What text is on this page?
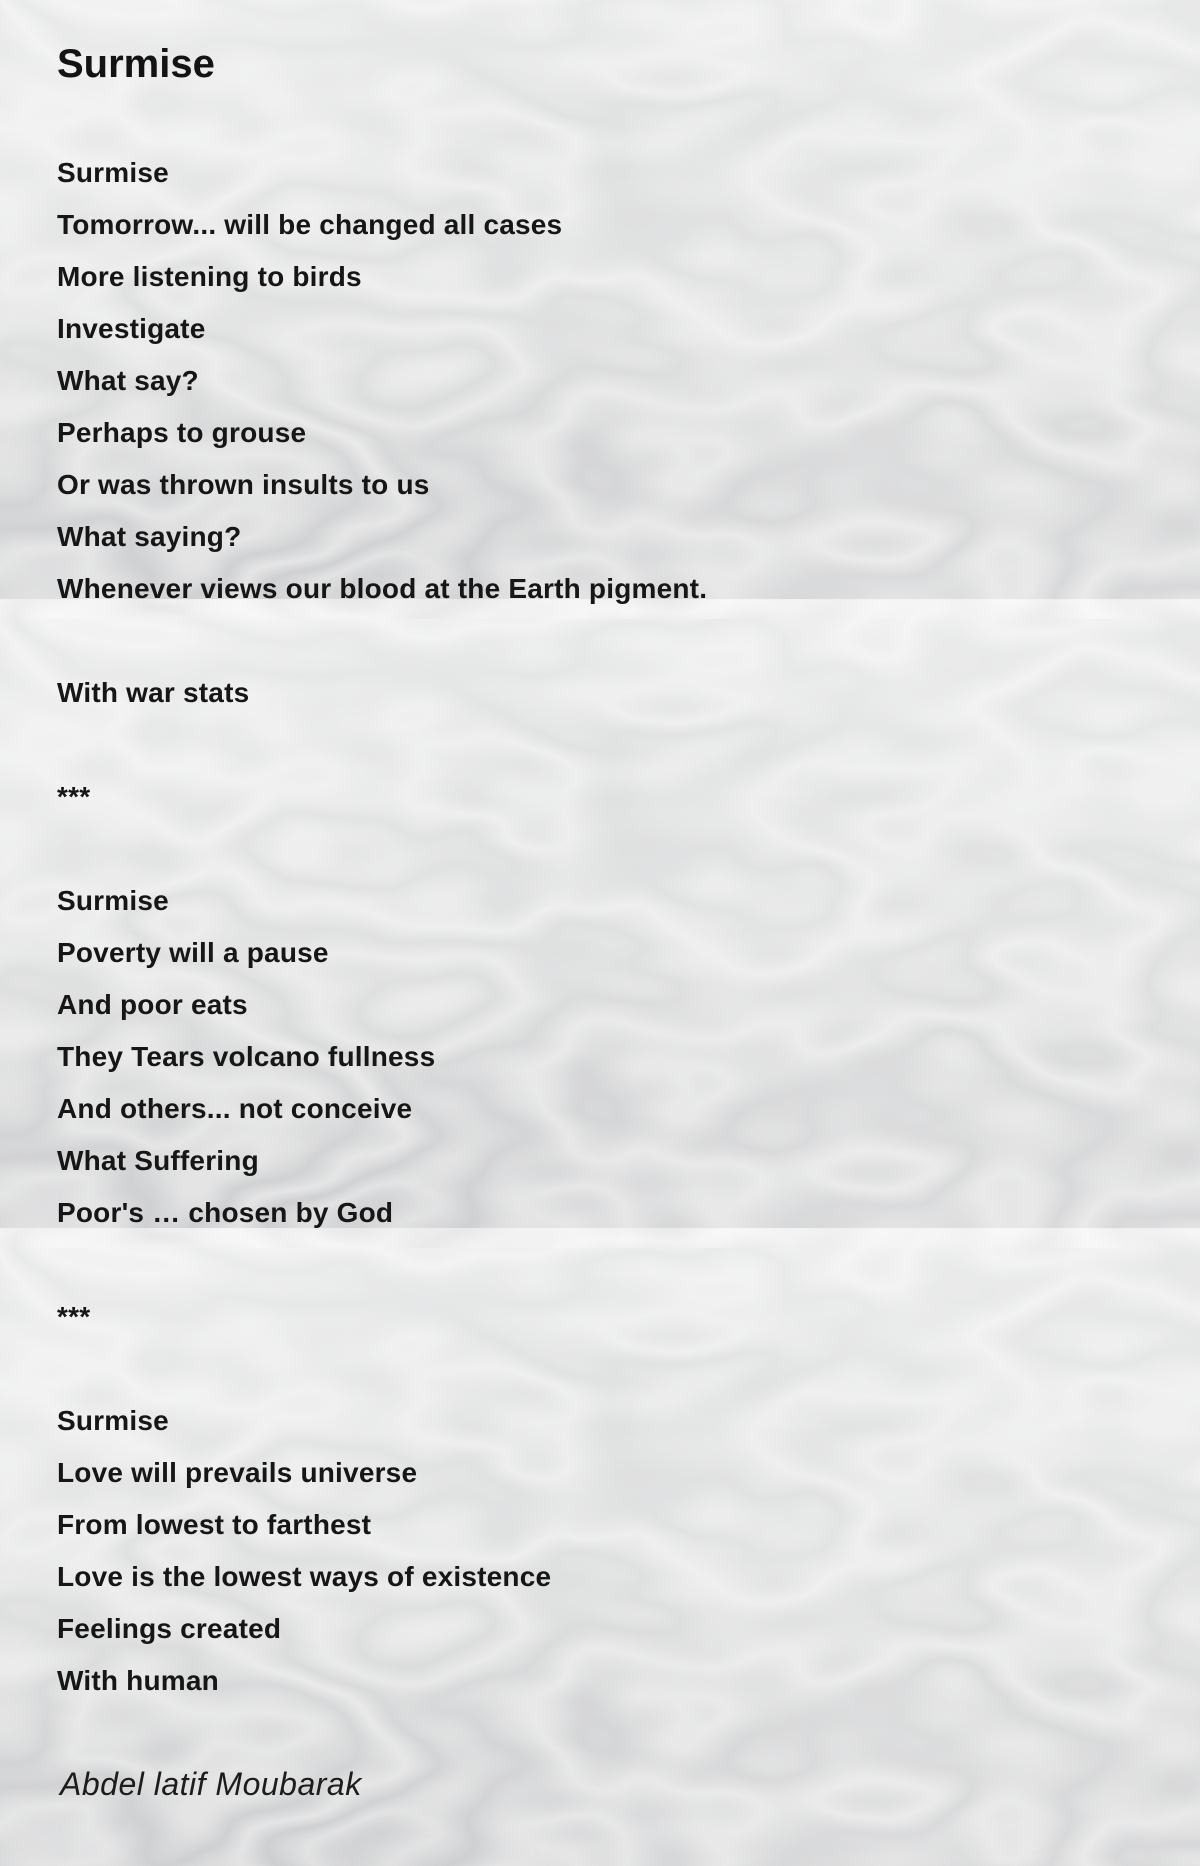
Surmise
Surmise
Tomorrow... will be changed all cases
More listening to birds
Investigate
What say?
Perhaps to grouse
Or was thrown insults to us
What saying?
Whenever views our blood at the Earth pigment.
With war stats
***
Surmise
Poverty will a pause
And poor eats
They Tears volcano fullness
And others... not conceive
What Suffering
Poor's … chosen by God
***
Surmise
Love will prevails universe
From lowest to farthest
Love is the lowest ways of existence
Feelings created
With human
Abdel latif Moubarak
